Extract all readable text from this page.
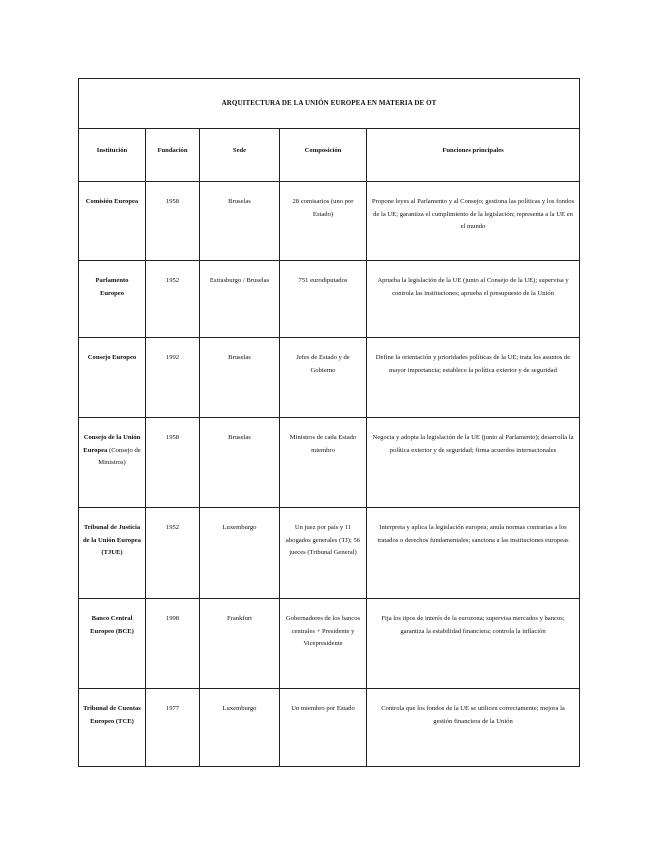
ARQUITECTURA DE LA UNIÓN EUROPEA EN MATERIA DE OT				
Institución	Fundación	Sede	Composición	Funciones principales
Comisión Europea	1958	Bruselas	28 comisarios (uno por Estado)	Propone leyes al Parlamento y al Consejo; gestiona las políticas y los fondos de la UE; garantiza el cumplimiento de la legislación; representa a la UE en el mundo
Parlamento Europeo	1952	Estrasburgo / Bruselas	751 eurodiputados	Aprueba la legislación de la UE (junto al Consejo de la UE); supervisa y controla las instituciones; aprueba el presupuesto de la Unión
Consejo Europeo	1992	Bruselas	Jefes de Estado y de Gobierno	Define la orientación y prioridades políticas de la UE; trata los asuntos de mayor importancia; establece la política exterior y de seguridad
Consejo de la Unión Europea (Consejo de Ministros)	1958	Bruselas	Ministros de cada Estado miembro	Negocia y adopta la legislación de la UE (junto al Parlamento); desarrolla la política exterior y de seguridad; firma acuerdos internacionales
Tribunal de Justicia de la Unión Europea (TJUE)	1952	Luxemburgo	Un juez por país y 11 abogados generales (TJ); 56 jueces (Tribunal General)	Interpreta y aplica la legislación europea; anula normas contrarias a los tratados o derechos fundamentales; sanciona a las instituciones europeas
Banco Central Europeo (BCE)	1998	Frankfurt	Gobernadores de los bancos centrales + Presidente y Vicepresidente	Fija los tipos de interés de la eurozona; supervisa mercados y bancos; garantiza la estabilidad financiera; controla la inflación
Tribunal de Cuentas Europeo (TCE)	1977	Luxemburgo	Un miembro por Estado	Controla que los fondos de la UE se utilicen correctamente; mejora la gestión financiera de la Unión
